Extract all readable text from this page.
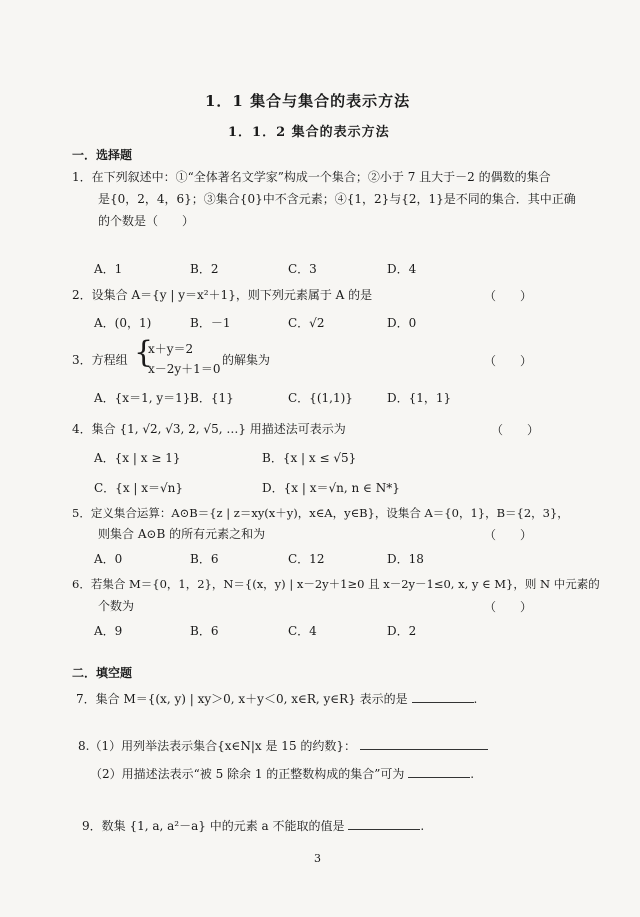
1．1 集合与集合的表示方法
1．1．2 集合的表示方法
一．选择题
1．在下列叙述中：①“全体著名文学家”构成一个集合；②小于 7 且大于－2 的偶数的集合
是{0，2，4，6}；③集合{0}中不含元素；④{1，2}与{2，1}是不同的集合．其中正确
的个数是（　　）
A．1	B．2	C．3	D．4
2．设集合 A＝{y | y＝x²＋1}，则下列元素属于 A 的是	（　　）
A．(0，1)	B．－1	C．√2	D．0
3．方程组 {
x＋y＝2
x－2y＋1＝0
的解集为	（　　）
A．{x＝1, y＝1} B．{1}	C．{(1,1)}	D．{1，1}
4．集合 {1, √2, √3, 2, √5, …} 用描述法可表示为	（　　）
A．{x | x ≥ 1}	B．{x | x ≤ √5}
C．{x | x＝√n}	D．{x | x＝√n, n ∈ N*}
5．定义集合运算：A⊙B＝{z | z＝xy(x＋y)，x∈A，y∈B}，设集合 A＝{0，1}，B＝{2，3}，
则集合 A⊙B 的所有元素之和为	（　　）
A．0	B．6	C．12	D．18
6．若集合 M＝{0，1，2}，N＝{(x，y) | x－2y＋1≥0 且 x－2y－1≤0, x, y ∈ M}，则 N 中元素的
个数为	（　　）
A．9	B．6	C．4	D．2
二．填空题
7．集合 M＝{(x, y) | xy＞0, x＋y＜0, x∈R, y∈R} 表示的是	.
8.（1）用列举法表示集合{x∈N|x 是 15 的约数}：
（2）用描述法表示“被 5 除余 1 的正整数构成的集合”可为	.
9．数集 {1, a, a²－a} 中的元素 a 不能取的值是	.
3
